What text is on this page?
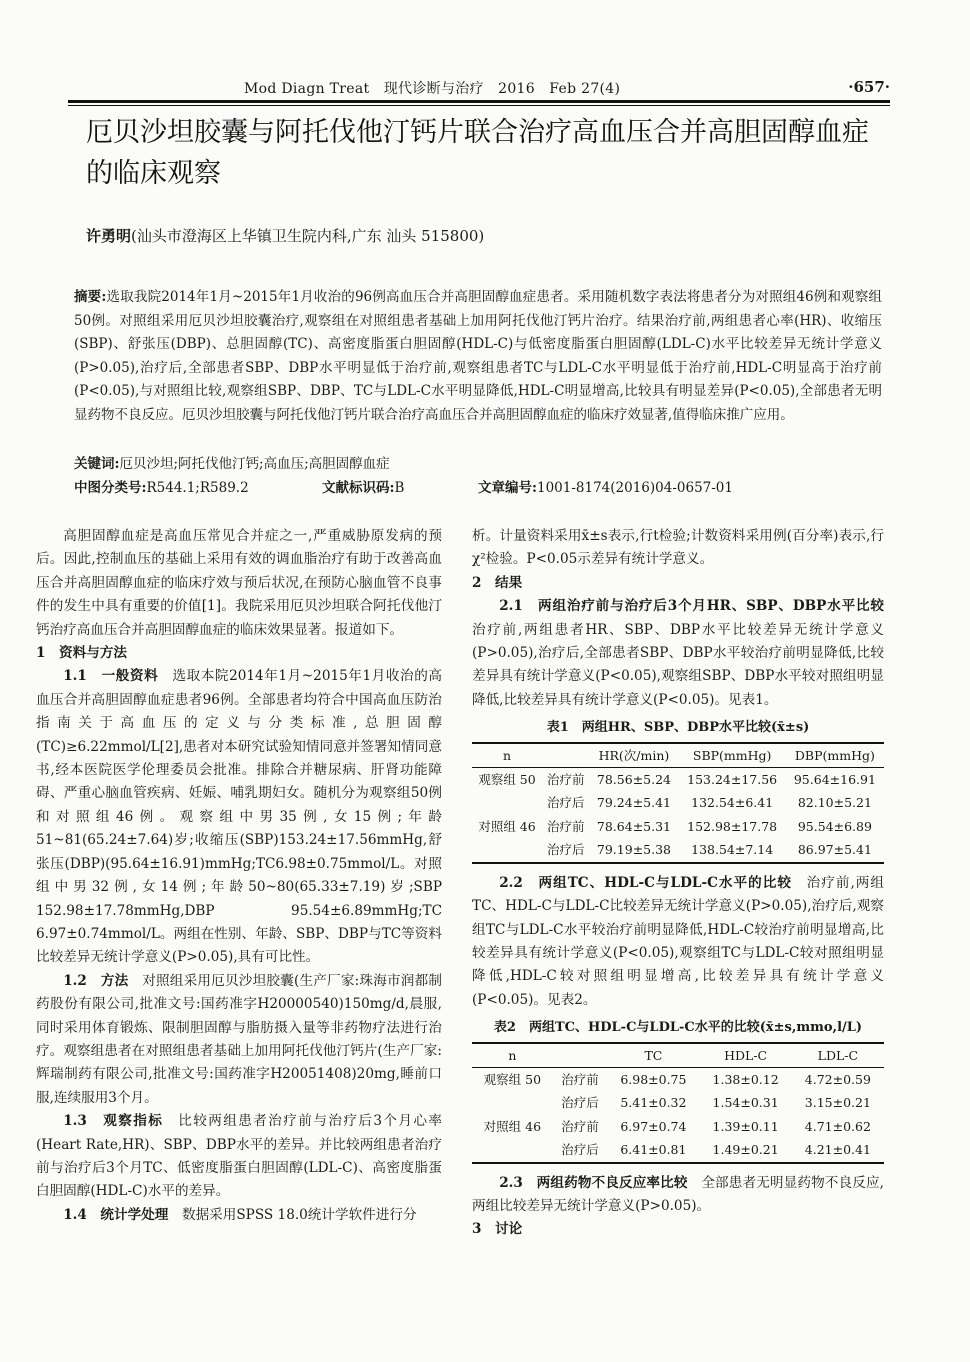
Mod Diagn Treat　现代诊断与治疗　2016　Feb 27(4)	·657·
厄贝沙坦胶囊与阿托伐他汀钙片联合治疗高血压合并高胆固醇血症的临床观察
许勇明(汕头市澄海区上华镇卫生院内科,广东 汕头 515800)
摘要:选取我院2014年1月~2015年1月收治的96例高血压合并高胆固醇血症患者。采用随机数字表法将患者分为对照组46例和观察组50例。对照组采用厄贝沙坦胶囊治疗,观察组在对照组患者基础上加用阿托伐他汀钙片治疗。结果治疗前,两组患者心率(HR)、收缩压(SBP)、舒张压(DBP)、总胆固醇(TC)、高密度脂蛋白胆固醇(HDL-C)与低密度脂蛋白胆固醇(LDL-C)水平比较差异无统计学意义(P>0.05),治疗后,全部患者SBP、DBP水平明显低于治疗前,观察组患者TC与LDL-C水平明显低于治疗前,HDL-C明显高于治疗前(P<0.05),与对照组比较,观察组SBP、DBP、TC与LDL-C水平明显降低,HDL-C明显增高,比较具有明显差异(P<0.05),全部患者无明显药物不良反应。厄贝沙坦胶囊与阿托伐他汀钙片联合治疗高血压合并高胆固醇血症的临床疗效显著,值得临床推广应用。
关键词:厄贝沙坦;阿托伐他汀钙;高血压;高胆固醇血症
中图分类号:R544.1;R589.2	文献标识码:B	文章编号:1001-8174(2016)04-0657-01

高胆固醇血症是高血压常见合并症之一,严重威胁原发病的预后。因此,控制血压的基础上采用有效的调血脂治疗有助于改善高血压合并高胆固醇血症的临床疗效与预后状况,在预防心脑血管不良事件的发生中具有重要的价值[1]。我院采用厄贝沙坦联合阿托伐他汀钙治疗高血压合并高胆固醇血症的临床效果显著。报道如下。

1　资料与方法

1.1　一般资料　选取本院2014年1月~2015年1月收治的高血压合并高胆固醇血症患者96例。全部患者均符合中国高血压防治指南关于高血压的定义与分类标准,总胆固醇(TC)≥6.22mmol/L[2],患者对本研究试验知情同意并签署知情同意书,经本医院医学伦理委员会批准。排除合并糖尿病、肝肾功能障碍、严重心脑血管疾病、妊娠、哺乳期妇女。随机分为观察组50例和对照组46例。观察组中男35例,女15例;年龄51~81(65.24±7.64)岁;收缩压(SBP)153.24±17.56mmHg,舒张压(DBP)(95.64±16.91)mmHg;TC6.98±0.75mmol/L。对照组中男32例,女14例;年龄50~80(65.33±7.19)岁;SBP 152.98±17.78mmHg,DBP 95.54±6.89mmHg;TC 6.97±0.74mmol/L。两组在性别、年龄、SBP、DBP与TC等资料比较差异无统计学意义(P>0.05),具有可比性。

1.2　方法　对照组采用厄贝沙坦胶囊(生产厂家:珠海市润都制药股份有限公司,批准文号:国药准字H20000540)150mg/d,晨服,同时采用体育锻炼、限制胆固醇与脂肪摄入量等非药物疗法进行治疗。观察组患者在对照组患者基础上加用阿托伐他汀钙片(生产厂家:辉瑞制药有限公司,批准文号:国药准字H20051408)20mg,睡前口服,连续服用3个月。

1.3　观察指标　比较两组患者治疗前与治疗后3个月心率(Heart Rate,HR)、SBP、DBP水平的差异。并比较两组患者治疗前与治疗后3个月TC、低密度脂蛋白胆固醇(LDL-C)、高密度脂蛋白胆固醇(HDL-C)水平的差异。

1.4　统计学处理　数据采用SPSS 18.0统计学软件进行分

析。计量资料采用x̄±s表示,行t检验;计数资料采用例(百分率)表示,行χ²检验。P<0.05示差异有统计学意义。

2　结果

2.1　两组治疗前与治疗后3个月HR、SBP、DBP水平比较　治疗前,两组患者HR、SBP、DBP水平比较差异无统计学意义(P>0.05),治疗后,全部患者SBP、DBP水平较治疗前明显降低,比较差异具有统计学意义(P<0.05),观察组SBP、DBP水平较对照组明显降低,比较差异具有统计学意义(P<0.05)。见表1。

表1　两组HR、SBP、DBP水平比较(x̄±s)
n		HR(次/min)	SBP(mmHg)	DBP(mmHg)
观察组 50	治疗前	78.56±5.24	153.24±17.56	95.64±16.91
	治疗后	79.24±5.41	132.54±6.41	82.10±5.21
对照组 46	治疗前	78.64±5.31	152.98±17.78	95.54±6.89
	治疗后	79.19±5.38	138.54±7.14	86.97±5.41

2.2　两组TC、HDL-C与LDL-C水平的比较　治疗前,两组TC、HDL-C与LDL-C比较差异无统计学意义(P>0.05),治疗后,观察组TC与LDL-C水平较治疗前明显降低,HDL-C较治疗前明显增高,比较差异具有统计学意义(P<0.05),观察组TC与LDL-C较对照组明显降低,HDL-C较对照组明显增高,比较差异具有统计学意义(P<0.05)。见表2。

表2　两组TC、HDL-C与LDL-C水平的比较(x̄±s,mmo,l/L)
n		TC	HDL-C	LDL-C
观察组 50	治疗前	6.98±0.75	1.38±0.12	4.72±0.59
	治疗后	5.41±0.32	1.54±0.31	3.15±0.21
对照组 46	治疗前	6.97±0.74	1.39±0.11	4.71±0.62
	治疗后	6.41±0.81	1.49±0.21	4.21±0.41

2.3　两组药物不良反应率比较　全部患者无明显药物不良反应,两组比较差异无统计学意义(P>0.05)。

3　讨论
